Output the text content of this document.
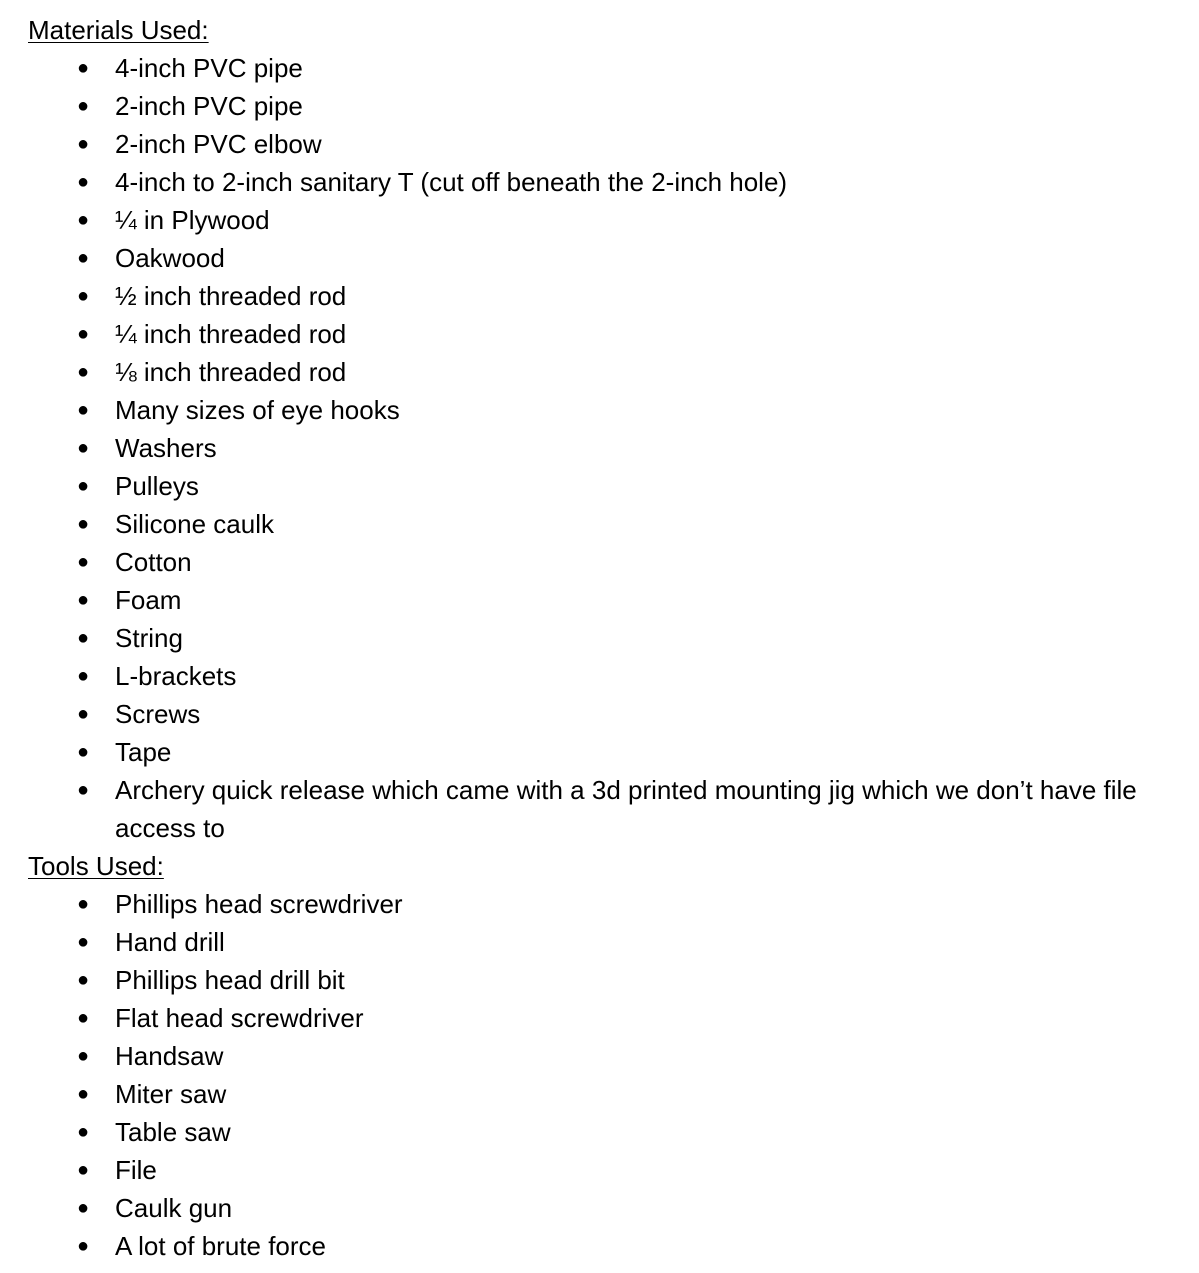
Materials Used:
● 4-inch PVC pipe
● 2-inch PVC pipe
● 2-inch PVC elbow
● 4-inch to 2-inch sanitary T (cut off beneath the 2-inch hole)
● ¼ in Plywood
● Oakwood
● ½ inch threaded rod
● ¼ inch threaded rod
● ⅛ inch threaded rod
● Many sizes of eye hooks
● Washers
● Pulleys
● Silicone caulk
● Cotton
● Foam
● String
● L-brackets
● Screws
● Tape
● Archery quick release which came with a 3d printed mounting jig which we don’t have file access to
Tools Used:
● Phillips head screwdriver
● Hand drill
● Phillips head drill bit
● Flat head screwdriver
● Handsaw
● Miter saw
● Table saw
● File
● Caulk gun
● A lot of brute force
